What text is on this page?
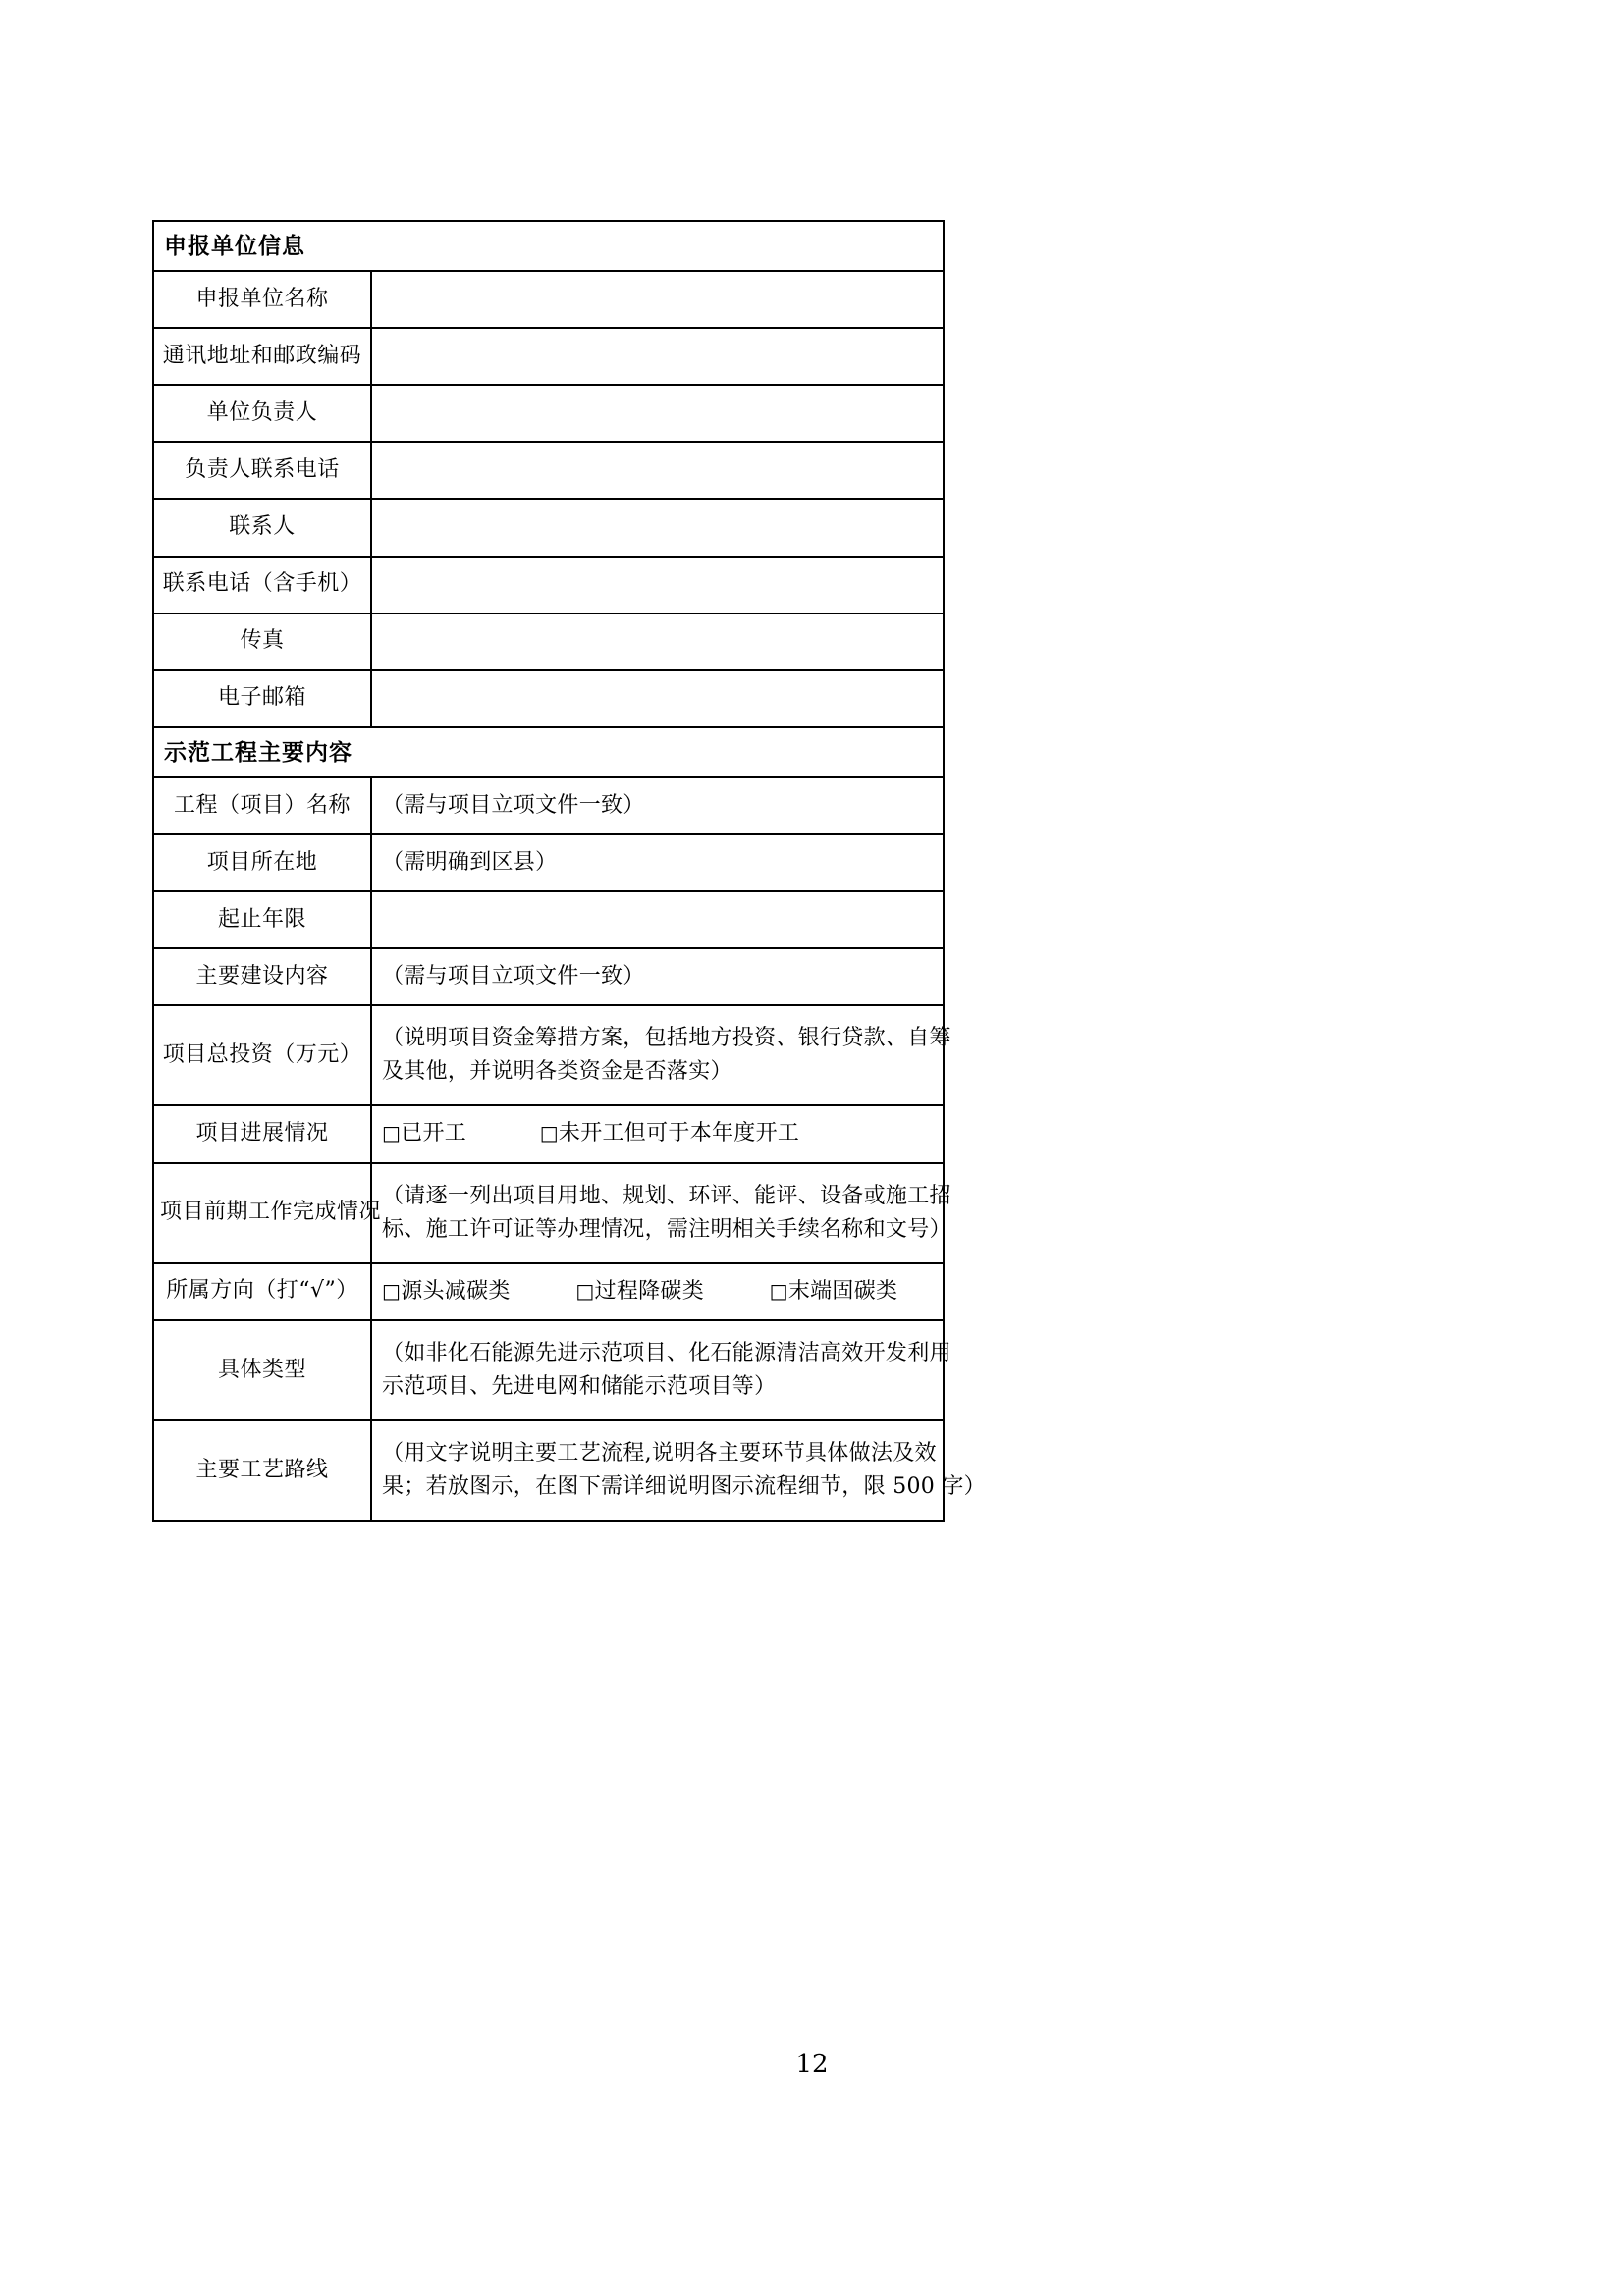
申报单位信息	
申报单位名称	
通讯地址和邮政编码	
单位负责人	
负责人联系电话	
联系人	
联系电话（含手机）	
传真	
电子邮箱	
示范工程主要内容	
工程（项目）名称	（需与项目立项文件一致）

项目所在地	（需明确到区县）

起止年限	
主要建设内容	（需与项目立项文件一致）

项目总投资（万元）	（说明项目资金筹措方案，包括地方投资、银行贷款、自筹
及其他，并说明各类资金是否落实）

项目进展情况	□已开工 □未开工但可于本年度开工
项目前期工作完成情况	（请逐一列出项目用地、规划、环评、能评、设备或施工招
标、施工许可证等办理情况，需注明相关手续名称和文号）

所属方向（打“√”）	□源头减碳类 □过程降碳类 □末端固碳类
具体类型	（如非化石能源先进示范项目、化石能源清洁高效开发利用
示范项目、先进电网和储能示范项目等）

主要工艺路线	（用文字说明主要工艺流程,说明各主要环节具体做法及效
果；若放图示，在图下需详细说明图示流程细节，限 500 字）
12
